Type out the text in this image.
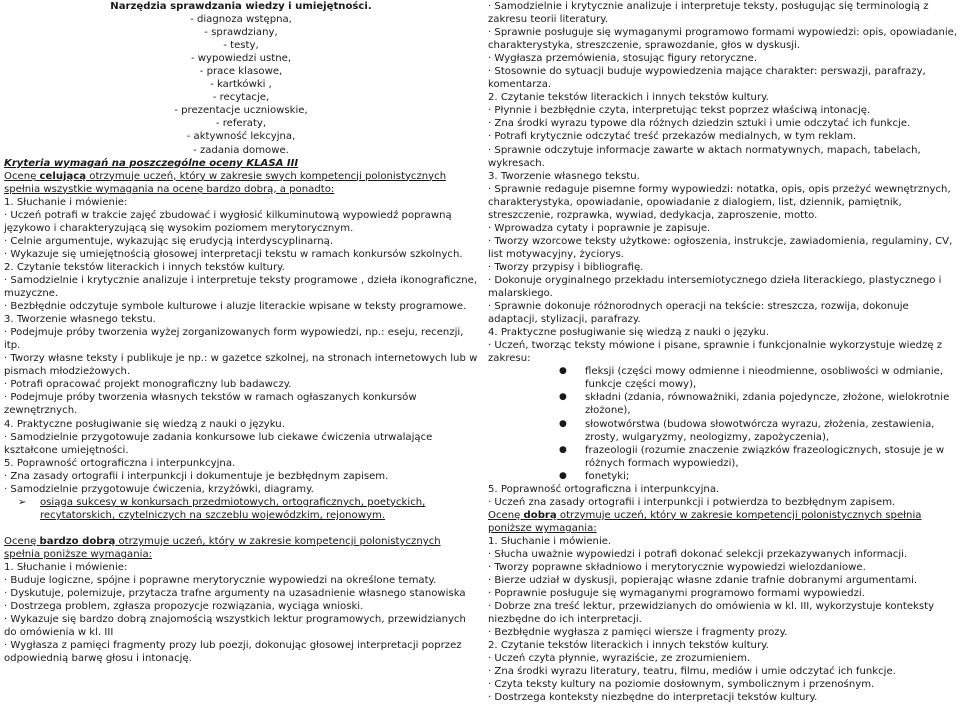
Narzędzia sprawdzania wiedzy i umiejętności.
- diagnoza wstępna,
- sprawdziany,
- testy,
- wypowiedzi ustne,
- prace klasowe,
- kartkówki ,
- recytacje,
- prezentacje uczniowskie,
- referaty,
- aktywność lekcyjna,
- zadania domowe.
Kryteria wymagań na poszczególne oceny KLASA III
Ocenę celującą otrzymuje uczeń, który w zakresie swych kompetencji polonistycznych spełnia wszystkie wymagania na ocenę bardzo dobrą, a ponadto:
1. Słuchanie i mówienie:
· Uczeń potrafi w trakcie zajęć zbudować i wygłosić kilkuminutową wypowiedź poprawną językowo i charakteryzującą się wysokim poziomem merytorycznym.
· Celnie argumentuje, wykazując się erudycją interdyscyplinarną.
· Wykazuje się umiejętnością głosowej interpretacji tekstu w ramach konkursów szkolnych.
2. Czytanie tekstów literackich i innych tekstów kultury.
· Samodzielnie i krytycznie analizuje i interpretuje teksty programowe , dzieła ikonograficzne, muzyczne.
· Bezbłędnie odczytuje symbole kulturowe i aluzje literackie wpisane w teksty programowe.
3. Tworzenie własnego tekstu.
· Podejmuje próby tworzenia wyżej zorganizowanych form wypowiedzi, np.: eseju, recenzji, itp.
· Tworzy własne teksty i publikuje je np.: w gazetce szkolnej, na stronach internetowych lub w pismach młodzieżowych.
· Potrafi opracować projekt monograficzny lub badawczy.
· Podejmuje próby tworzenia własnych tekstów w ramach ogłaszanych konkursów zewnętrznych.
4. Praktyczne posługiwanie się wiedzą z nauki o języku.
· Samodzielnie przygotowuje zadania konkursowe lub ciekawe ćwiczenia utrwalające kształcone umiejętności.
5. Poprawność ortograficzna i interpunkcyjna.
· Zna zasady ortografii i interpunkcji i dokumentuje je bezbłędnym zapisem.
· Samodzielnie przygotowuje ćwiczenia, krzyżówki, diagramy.
➢ osiąga sukcesy w konkursach przedmiotowych, ortograficznych, poetyckich, recytatorskich, czytelniczych na szczeblu wojewódzkim, rejonowym.
Ocenę bardzo dobrą otrzymuje uczeń, który w zakresie kompetencji polonistycznych spełnia poniższe wymagania:
1. Słuchanie i mówienie:
· Buduje logiczne, spójne i poprawne merytorycznie wypowiedzi na określone tematy.
· Dyskutuje, polemizuje, przytacza trafne argumenty na uzasadnienie własnego stanowiska
· Dostrzega problem, zgłasza propozycje rozwiązania, wyciąga wnioski.
· Wykazuje się bardzo dobrą znajomością wszystkich lektur programowych, przewidzianych do omówienia w kl. III
· Wygłasza z pamięci fragmenty prozy lub poezji, dokonując głosowej interpretacji poprzez odpowiednią barwę głosu i intonację.
· Samodzielnie i krytycznie analizuje i interpretuje teksty, posługując się terminologią z zakresu teorii literatury.
· Sprawnie posługuje się wymaganymi programowo formami wypowiedzi: opis, opowiadanie, charakterystyka, streszczenie, sprawozdanie, głos w dyskusji.
· Wygłasza przemówienia, stosując figury retoryczne.
· Stosownie do sytuacji buduje wypowiedzenia mające charakter: perswazji, parafrazy, komentarza.
2. Czytanie tekstów literackich i innych tekstów kultury.
· Płynnie i bezbłędnie czyta, interpretując tekst poprzez właściwą intonację.
· Zna środki wyrazu typowe dla różnych dziedzin sztuki i umie odczytać ich funkcje.
· Potrafi krytycznie odczytać treść przekazów medialnych, w tym reklam.
· Sprawnie odczytuje informacje zawarte w aktach normatywnych, mapach, tabelach, wykresach.
3. Tworzenie własnego tekstu.
· Sprawnie redaguje pisemne formy wypowiedzi: notatka, opis, opis przeżyć wewnętrznych, charakterystyka, opowiadanie, opowiadanie z dialogiem, list, dziennik, pamiętnik, streszczenie, rozprawka, wywiad, dedykacja, zaproszenie, motto.
· Wprowadza cytaty i poprawnie je zapisuje.
· Tworzy wzorcowe teksty użytkowe: ogłoszenia, instrukcje, zawiadomienia, regulaminy, CV, list motywacyjny, życiorys.
· Tworzy przypisy i bibliografię.
· Dokonuje oryginalnego przekładu intersemiotycznego dzieła literackiego, plastycznego i malarskiego.
· Sprawnie dokonuje różnorodnych operacji na tekście: streszcza, rozwija, dokonuje adaptacji, stylizacji, parafrazy.
4. Praktyczne posługiwanie się wiedzą z nauki o języku.
· Uczeń, tworząc teksty mówione i pisane, sprawnie i funkcjonalnie wykorzystuje wiedzę z zakresu:
● fleksji (części mowy odmienne i nieodmienne, osobliwości w odmianie, funkcje części mowy),
● składni (zdania, równoważniki, zdania pojedyncze, złożone, wielokrotnie złożone),
● słowotwórstwa (budowa słowotwórcza wyrazu, złożenia, zestawienia, zrosty, wulgaryzmy, neologizmy, zapożyczenia),
● frazeologii (rozumie znaczenie związków frazeologicznych, stosuje je w różnych formach wypowiedzi),
● fonetyki;
5. Poprawność ortograficzna i interpunkcyjna.
· Uczeń zna zasady ortografii i interpunkcji i potwierdza to bezbłędnym zapisem.
Ocenę dobrą otrzymuje uczeń, który w zakresie kompetencji polonistycznych spełnia poniższe wymagania:
1. Słuchanie i mówienie.
· Słucha uważnie wypowiedzi i potrafi dokonać selekcji przekazywanych informacji.
· Tworzy poprawne składniowo i merytorycznie wypowiedzi wielozdaniowe.
· Bierze udział w dyskusji, popierając własne zdanie trafnie dobranymi argumentami.
· Poprawnie posługuje się wymaganymi programowo formami wypowiedzi.
· Dobrze zna treść lektur, przewidzianych do omówienia w kl. III, wykorzystuje konteksty niezbędne do ich interpretacji.
· Bezbłędnie wygłasza z pamięci wiersze i fragmenty prozy.
2. Czytanie tekstów literackich i innych tekstów kultury.
· Uczeń czyta płynnie, wyraziście, ze zrozumieniem.
· Zna środki wyrazu literatury, teatru, filmu, mediów i umie odczytać ich funkcje.
· Czyta teksty kultury na poziomie dosłownym, symbolicznym i przenośnym.
· Dostrzega konteksty niezbędne do interpretacji tekstów kultury.
